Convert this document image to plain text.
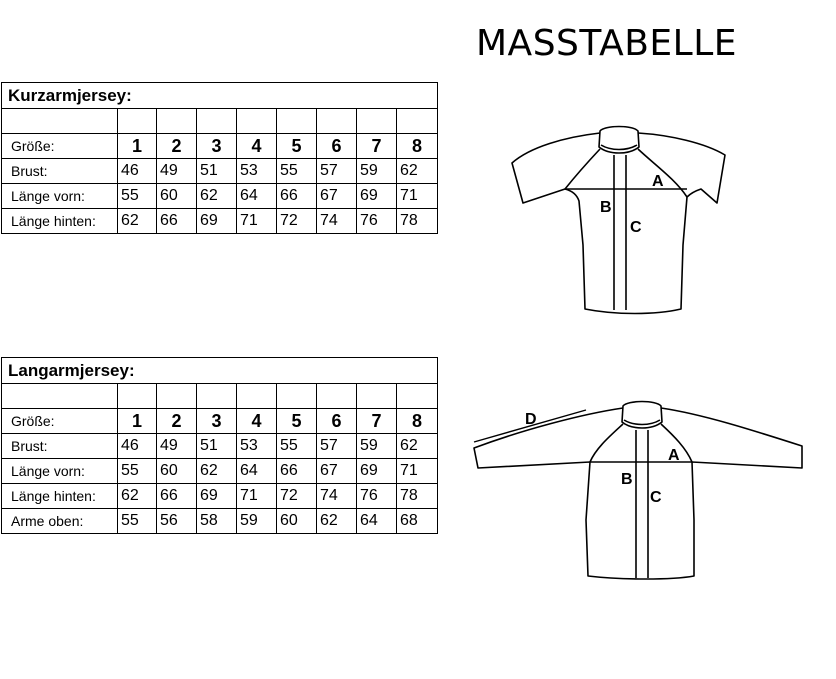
MASSTABELLE
Kurzarmjersey:								

Größe:	1	2	3	4	5	6	7	8
Brust:	46	49	51	53	55	57	59	62
Länge vorn:	55	60	62	64	66	67	69	71
Länge hinten:	62	66	69	71	72	74	76	78
Langarmjersey:								

Größe:	1	2	3	4	5	6	7	8
Brust:	46	49	51	53	55	57	59	62
Länge vorn:	55	60	62	64	66	67	69	71
Länge hinten:	62	66	69	71	72	74	76	78
Arme oben:	55	56	58	59	60	62	64	68
A
B
C
A
B
C
D
